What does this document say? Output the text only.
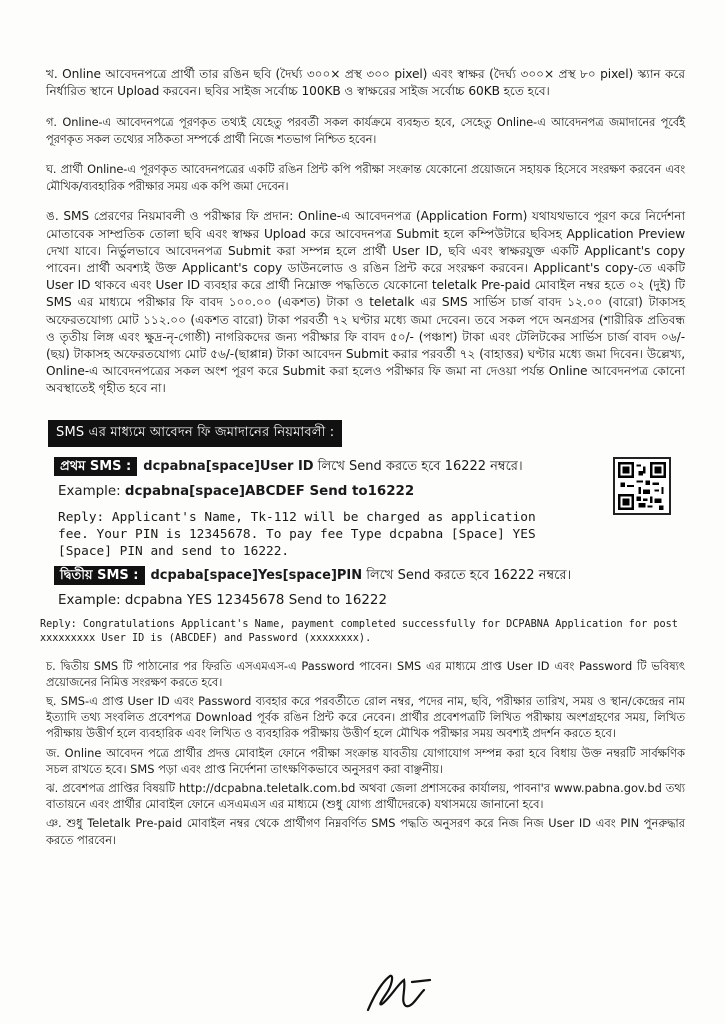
খ. Online আবেদনপত্রে প্রার্থী তার রঙিন ছবি (দৈর্ঘ্য ৩০০× প্রস্থ ৩০০ pixel) এবং স্বাক্ষর (দৈর্ঘ্য ৩০০× প্রস্থ ৮০ pixel) স্ক্যান করে নির্ধারিত স্থানে Upload করবেন। ছবির সাইজ সর্বোচ্চ 100KB ও স্বাক্ষরের সাইজ সর্বোচ্চ 60KB হতে হবে।

গ. Online-এ আবেদনপত্রে পূরণকৃত তথ্যই যেহেতু পরবর্তী সকল কার্যক্রমে ব্যবহৃত হবে, সেহেতু Online-এ আবেদনপত্র জমাদানের পূর্বেই পূরণকৃত সকল তথ্যের সঠিকতা সম্পর্কে প্রার্থী নিজে শতভাগ নিশ্চিত হবেন।

ঘ. প্রার্থী Online-এ পূরণকৃত আবেদনপত্রের একটি রঙিন প্রিন্ট কপি পরীক্ষা সংক্রান্ত যেকোনো প্রয়োজনে সহায়ক হিসেবে সংরক্ষণ করবেন এবং মৌখিক/ব্যবহারিক পরীক্ষার সময় এক কপি জমা দেবেন।

ঙ. SMS প্রেরণের নিয়মাবলী ও পরীক্ষার ফি প্রদান: Online-এ আবেদনপত্র (Application Form) যথাযথভাবে পূরণ করে নির্দেশনা মোতাবেক সাম্প্রতিক তোলা ছবি এবং স্বাক্ষর Upload করে আবেদনপত্র Submit হলে কম্পিউটারে ছবিসহ Application Preview দেখা যাবে। নির্ভুলভাবে আবেদনপত্র Submit করা সম্পন্ন হলে প্রার্থী User ID, ছবি এবং স্বাক্ষরযুক্ত একটি Applicant's copy পাবেন। প্রার্থী অবশ্যই উক্ত Applicant's copy ডাউনলোড ও রঙিন প্রিন্ট করে সংরক্ষণ করবেন। Applicant's copy-তে একটি User ID থাকবে এবং User ID ব্যবহার করে প্রার্থী নিম্নোক্ত পদ্ধতিতে যেকোনো teletalk Pre-paid মোবাইল নম্বর হতে ০২ (দুই) টি SMS এর মাধ্যমে পরীক্ষার ফি বাবদ ১০০.০০ (একশত) টাকা ও teletalk এর SMS সার্ভিস চার্জ বাবদ ১২.০০ (বারো) টাকাসহ অফেরতযোগ্য মোট ১১২.০০ (একশত বারো) টাকা পরবর্তী ৭২ ঘণ্টার মধ্যে জমা দেবেন। তবে সকল পদে অনগ্রসর (শারীরিক প্রতিবন্ধ ও তৃতীয় লিঙ্গ এবং ক্ষুদ্র-নৃ-গোষ্ঠী) নাগরিকদের জন্য পরীক্ষার ফি বাবদ ৫০/- (পঞ্চাশ) টাকা এবং টেলিটকের সার্ভিস চার্জ বাবদ ০৬/-(ছয়) টাকাসহ অফেরতযোগ্য মোট ৫৬/-(ছাপ্পান্ন) টাকা আবেদন Submit করার পরবর্তী ৭২ (বাহাত্তর) ঘণ্টার মধ্যে জমা দিবেন। উল্লেখ্য, Online-এ আবেদনপত্রের সকল অংশ পূরণ করে Submit করা হলেও পরীক্ষার ফি জমা না দেওয়া পর্যন্ত Online আবেদনপত্র কোনো অবস্থাতেই গৃহীত হবে না।

SMS এর মাধ্যমে আবেদন ফি জমাদানের নিয়মাবলী :

প্রথম SMS : dcpabna[space]User ID লিখে Send করতে হবে 16222 নম্বরে।

Example: dcpabna[space]ABCDEF Send to16222

Reply: Applicant's Name, Tk-112 will be charged as application fee. Your PIN is 12345678. To pay fee Type dcpabna [Space] YES [Space] PIN and send to 16222.

দ্বিতীয় SMS : dcpaba[space]Yes[space]PIN লিখে Send করতে হবে 16222 নম্বরে।

Example: dcpabna YES 12345678 Send to 16222

Reply: Congratulations Applicant's Name, payment completed successfully for DCPABNA Application for post xxxxxxxxx User ID is (ABCDEF) and Password (xxxxxxxx).

চ. দ্বিতীয় SMS টি পাঠানোর পর ফিরতি এসএমএস-এ Password পাবেন। SMS এর মাধ্যমে প্রাপ্ত User ID এবং Password টি ভবিষ্যৎ প্রয়োজনের নিমিত্ত সংরক্ষণ করতে হবে।

ছ. SMS-এ প্রাপ্ত User ID এবং Password ব্যবহার করে পরবর্তীতে রোল নম্বর, পদের নাম, ছবি, পরীক্ষার তারিখ, সময় ও স্থান/কেন্দ্রের নাম ইত্যাদি তথ্য সংবলিত প্রবেশপত্র Download পূর্বক রঙিন প্রিন্ট করে নেবেন। প্রার্থীর প্রবেশপত্রটি লিখিত পরীক্ষায় অংশগ্রহণের সময়, লিখিত পরীক্ষায় উত্তীর্ণ হলে ব্যবহারিক এবং লিখিত ও ব্যবহারিক পরীক্ষায় উত্তীর্ণ হলে মৌখিক পরীক্ষার সময় অবশ্যই প্রদর্শন করতে হবে।

জ. Online আবেদন পত্রে প্রার্থীর প্রদত্ত মোবাইল ফোনে পরীক্ষা সংক্রান্ত যাবতীয় যোগাযোগ সম্পন্ন করা হবে বিধায় উক্ত নম্বরটি সার্বক্ষণিক সচল রাখতে হবে। SMS পড়া এবং প্রাপ্ত নির্দেশনা তাৎক্ষণিকভাবে অনুসরণ করা বাঞ্ছনীয়।

ঝ. প্রবেশপত্র প্রাপ্তির বিষয়টি http://dcpabna.teletalk.com.bd অথবা জেলা প্রশাসকের কার্যালয়, পাবনা'র www.pabna.gov.bd তথ্য বাতায়নে এবং প্রার্থীর মোবাইল ফোনে এসএমএস এর মাধ্যমে (শুধু যোগ্য প্রার্থীদেরকে) যথাসময়ে জানানো হবে।

ঞ. শুধু Teletalk Pre-paid মোবাইল নম্বর থেকে প্রার্থীগণ নিম্নবর্ণিত SMS পদ্ধতি অনুসরণ করে নিজ নিজ User ID এবং PIN পুনরুদ্ধার করতে পারবেন।
